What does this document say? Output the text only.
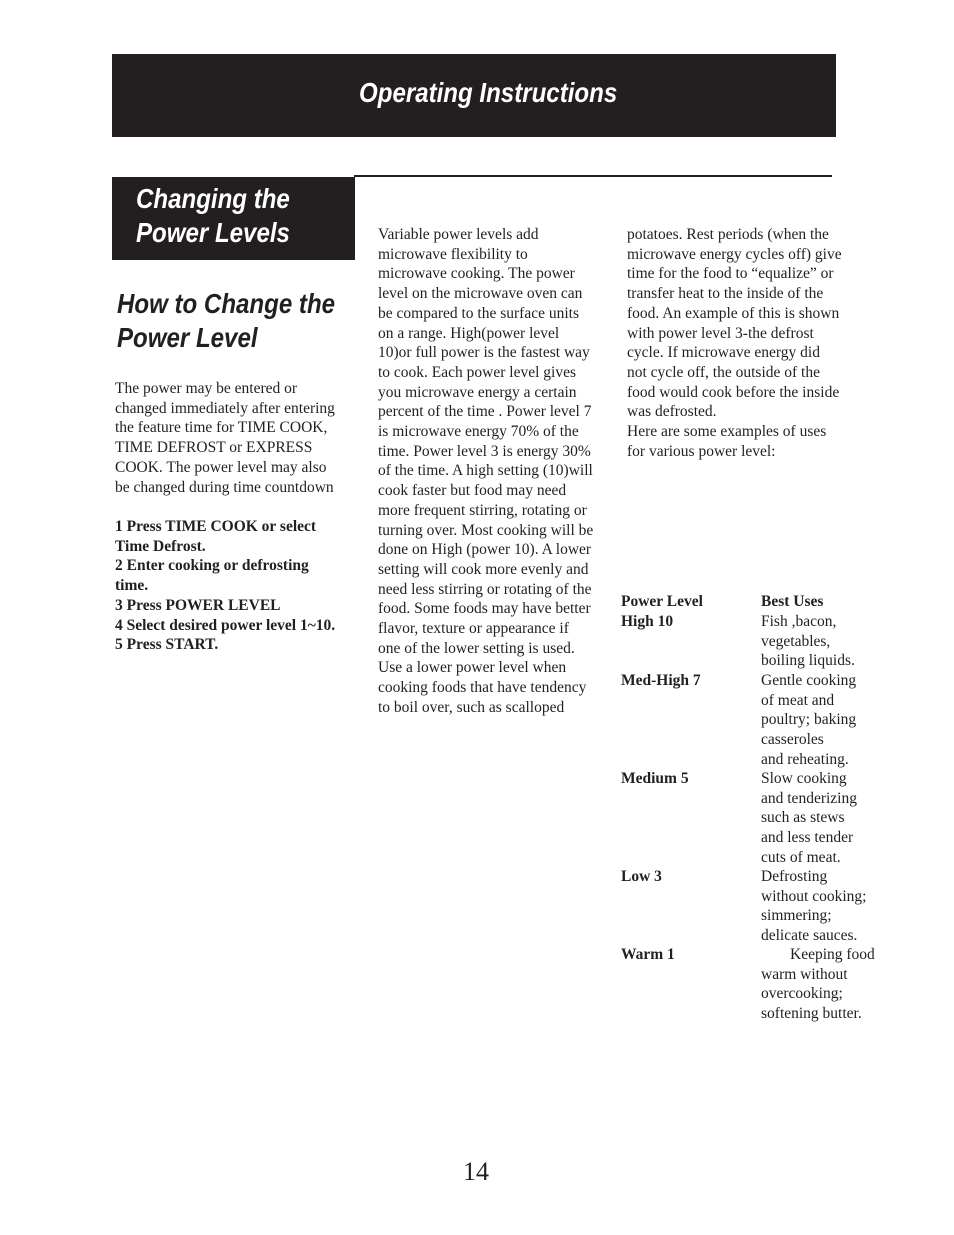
Operating Instructions
Changing the
Power Levels
How to Change the
Power Level
The power may be entered or
changed immediately after entering
the feature time for TIME COOK,
TIME DEFROST or EXPRESS
COOK. The power level may also
be changed during time countdown
1 Press TIME COOK or select
Time Defrost.
2 Enter cooking or defrosting
time.
3 Press POWER LEVEL
4 Select desired power level 1~10.
5 Press START.
Variable power levels add
microwave flexibility to
microwave cooking. The power
level on the microwave oven can
be compared to the surface units
on a range. High(power level
10)or full power is the fastest way
to cook. Each power level gives
you microwave energy a certain
percent of the time . Power level 7
is microwave energy 70% of the
time. Power level 3 is energy 30%
of the time. A high setting (10)will
cook faster but food may need
more frequent stirring, rotating or
turning over. Most cooking will be
done on High (power 10). A lower
setting will cook more evenly and
need less stirring or rotating of the
food. Some foods may have better
flavor, texture or appearance if
one of the lower setting is used.
Use a lower power level when
cooking foods that have tendency
to boil over, such as scalloped
potatoes. Rest periods (when the
microwave energy cycles off) give
time for the food to “equalize” or
transfer heat to the inside of the
food. An example of this is shown
with power level 3-the defrost
cycle. If microwave energy did
not cycle off, the outside of the
food would cook before the inside
was defrosted.
Here are some examples of uses
for various power level:
Power Level	Best Uses
High 10	Fish ,bacon,
vegetables,
boiling liquids.
Med-High 7	Gentle cooking
of meat and
poultry; baking
casseroles
and reheating.
Medium 5	Slow cooking
and tenderizing
such as stews
and less tender
cuts of meat.
Low 3	Defrosting
without cooking;
simmering;
delicate sauces.
Warm 1	Keeping food
warm without
overcooking;
softening butter.
14
